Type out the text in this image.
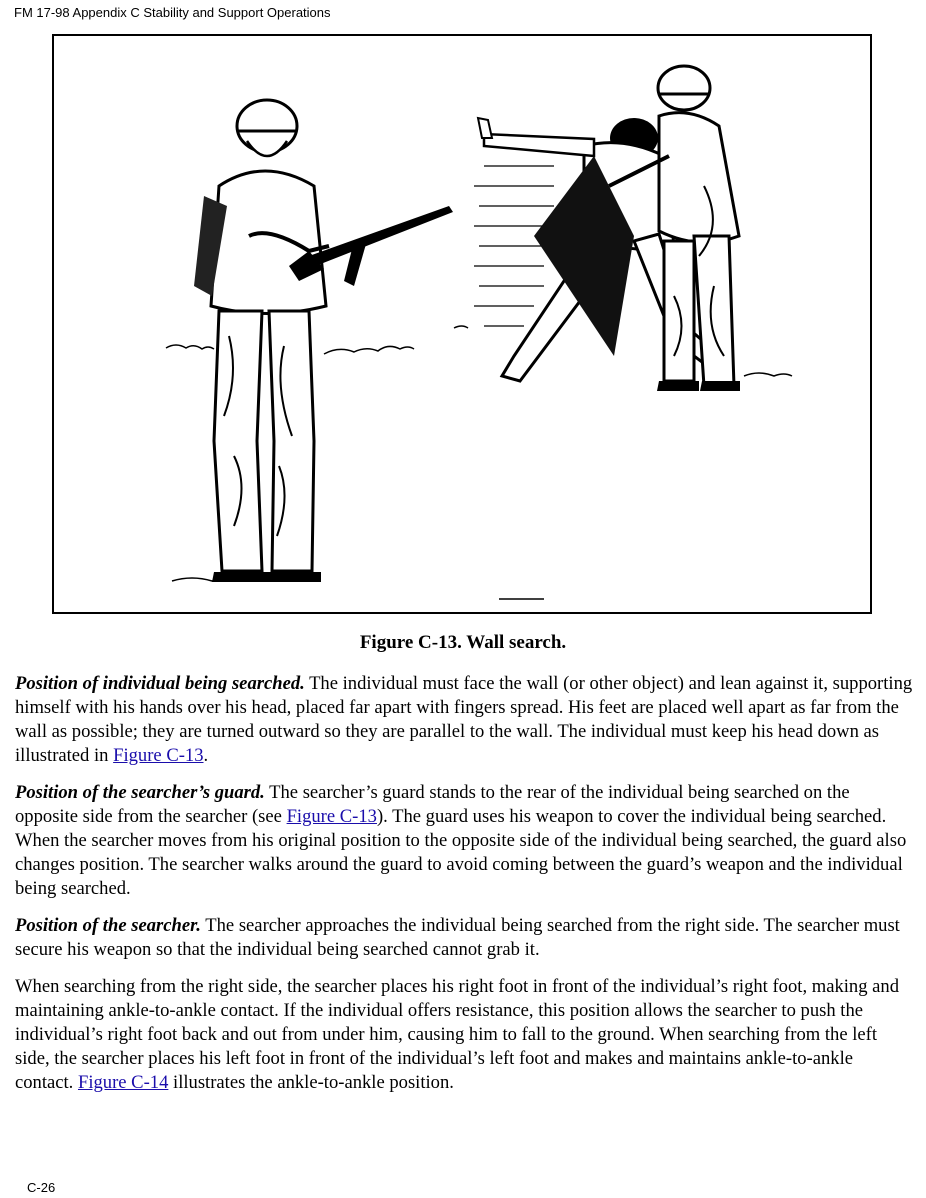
FM 17-98 Appendix C Stability and Support Operations
Figure C-13. Wall search.

Position of individual being searched. The individual must face the wall (or other object) and lean against it, supporting himself with his hands over his head, placed far apart with fingers spread. His feet are placed well apart as far from the wall as possible; they are turned outward so they are parallel to the wall. The individual must keep his head down as illustrated in Figure C-13.

Position of the searcher’s guard. The searcher’s guard stands to the rear of the individual being searched on the opposite side from the searcher (see Figure C-13). The guard uses his weapon to cover the individual being searched. When the searcher moves from his original position to the opposite side of the individual being searched, the guard also changes position. The searcher walks around the guard to avoid coming between the guard’s weapon and the individual being searched.

Position of the searcher. The searcher approaches the individual being searched from the right side. The searcher must secure his weapon so that the individual being searched cannot grab it.

When searching from the right side, the searcher places his right foot in front of the individual’s right foot, making and maintaining ankle-to-ankle contact. If the individual offers resistance, this position allows the searcher to push the individual’s right foot back and out from under him, causing him to fall to the ground. When searching from the left side, the searcher places his left foot in front of the individual’s left foot and makes and maintains ankle-to-ankle contact. Figure C-14 illustrates the ankle-to-ankle position.

C-26
